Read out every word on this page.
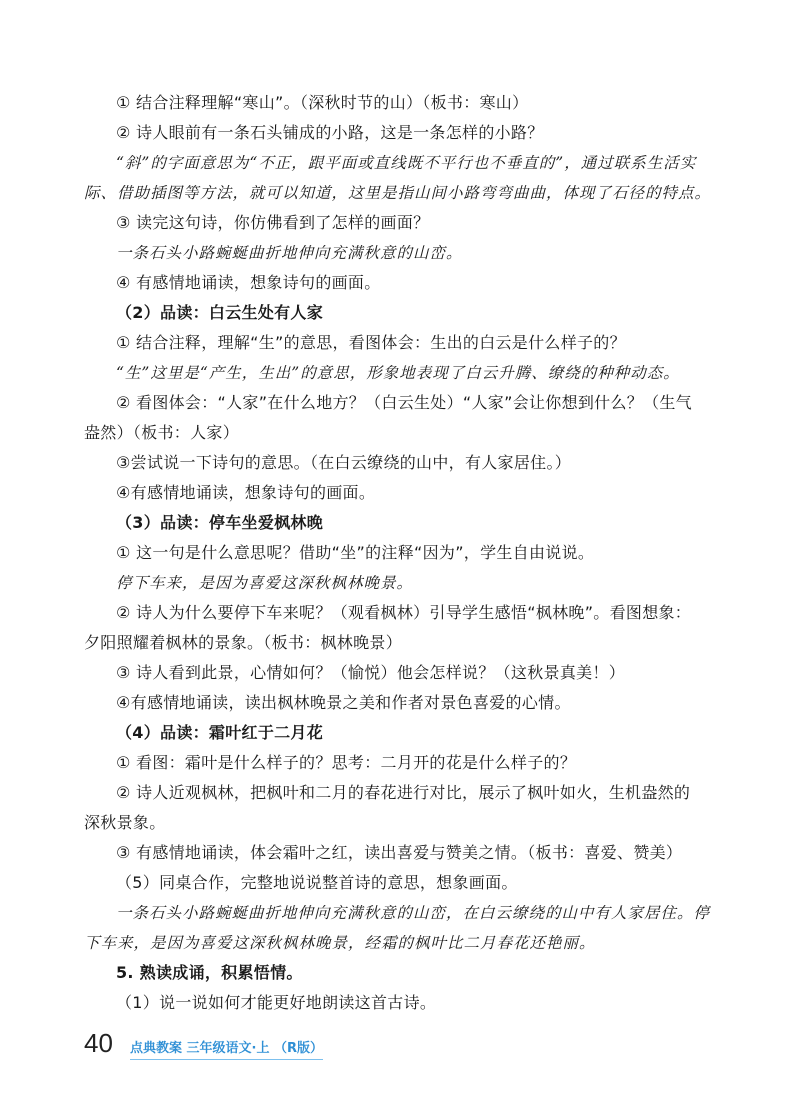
① 结合注释理解“寒山”。（深秋时节的山）（板书：寒山）
② 诗人眼前有一条石头铺成的小路，这是一条怎样的小路？
“斜”的字面意思为“不正，跟平面或直线既不平行也不垂直的”，通过联系生活实
际、借助插图等方法，就可以知道，这里是指山间小路弯弯曲曲，体现了石径的特点。
③ 读完这句诗，你仿佛看到了怎样的画面？
一条石头小路蜿蜒曲折地伸向充满秋意的山峦。
④ 有感情地诵读，想象诗句的画面。
（2）品读：白云生处有人家
① 结合注释，理解“生”的意思，看图体会：生出的白云是什么样子的？
“生”这里是“产生，生出”的意思，形象地表现了白云升腾、缭绕的种种动态。
② 看图体会：“人家”在什么地方？（白云生处）“人家”会让你想到什么？（生气
盎然）（板书：人家）
③尝试说一下诗句的意思。（在白云缭绕的山中，有人家居住。）
④有感情地诵读，想象诗句的画面。
（3）品读：停车坐爱枫林晚
① 这一句是什么意思呢？借助“坐”的注释“因为”，学生自由说说。
停下车来，是因为喜爱这深秋枫林晚景。
② 诗人为什么要停下车来呢？（观看枫林）引导学生感悟“枫林晚”。看图想象：
夕阳照耀着枫林的景象。（板书：枫林晚景）
③ 诗人看到此景，心情如何？（愉悦）他会怎样说？（这秋景真美！）
④有感情地诵读，读出枫林晚景之美和作者对景色喜爱的心情。
（4）品读：霜叶红于二月花
① 看图：霜叶是什么样子的？思考：二月开的花是什么样子的？
② 诗人近观枫林，把枫叶和二月的春花进行对比，展示了枫叶如火，生机盎然的
深秋景象。
③ 有感情地诵读，体会霜叶之红，读出喜爱与赞美之情。（板书：喜爱、赞美）
（5）同桌合作，完整地说说整首诗的意思，想象画面。
一条石头小路蜿蜒曲折地伸向充满秋意的山峦，在白云缭绕的山中有人家居住。停
下车来，是因为喜爱这深秋枫林晚景，经霜的枫叶比二月春花还艳丽。
5. 熟读成诵，积累悟情。
（1）说一说如何才能更好地朗读这首古诗。
40 点典教案 三年级语文·上 （R版）
